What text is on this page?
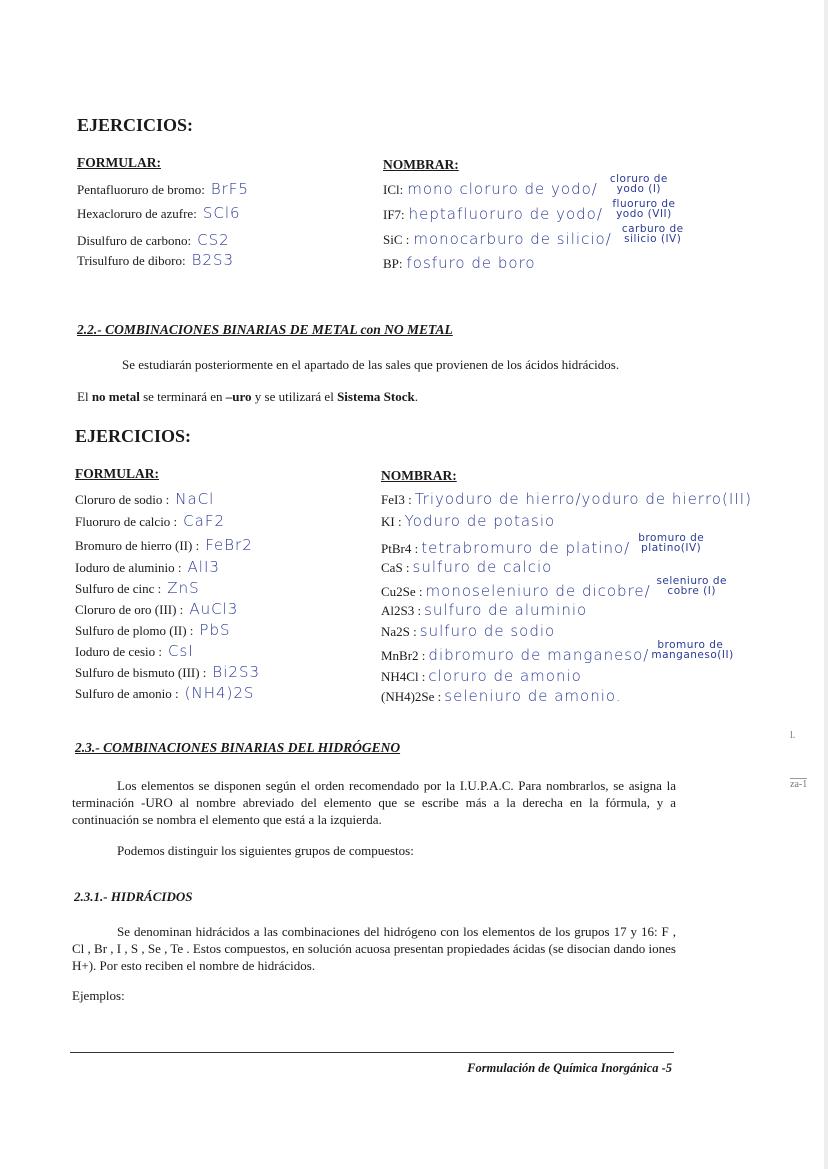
EJERCICIOS:
FORMULAR:	NOMBRAR:
Pentafluoruro de bromo: BrF5
Hexacloruro de azufre: SCl6
Disulfuro de carbono: CS2
Trisulfuro de diboro: B2S3
ICl: mono cloruro de yodo/cloruro de yodo (I)
IF7: heptafluoruro de yodo/fluoruro de yodo (VII)
SiC : monocarburo de silicio/carburo de silicio (IV)
BP: fosfuro de boro
2.2.- COMBINACIONES BINARIAS DE METAL con NO METAL
Se estudiarán posteriormente en el apartado de las sales que provienen de los ácidos hidrácidos.
El no metal se terminará en –uro y se utilizará el Sistema Stock.
EJERCICIOS:
FORMULAR:	NOMBRAR:
Cloruro de sodio : NaCl
Fluoruro de calcio : CaF2
Bromuro de hierro (II) : FeBr2
Ioduro de aluminio : AlI3
Sulfuro de cinc : ZnS
Cloruro de oro (III) : AuCl3
Sulfuro de plomo (II) : PbS
Ioduro de cesio : CsI
Sulfuro de bismuto (III) : Bi2S3
Sulfuro de amonio : (NH4)2S
FeI3 : Triyoduro de hierro/yoduro de hierro(III)
KI : Yoduro de potasio
PtBr4 : tetrabromuro de platino/bromuro de platino(IV)
CaS : sulfuro de calcio
Cu2Se : monoseleniuro de dicobre/seleniuro de cobre (I)
Al2S3 : sulfuro de aluminio
Na2S : sulfuro de sodio
MnBr2 : dibromuro de manganeso/bromuro de manganeso(II)
NH4Cl : cloruro de amonio
(NH4)2Se : seleniuro de amonio.
2.3.- COMBINACIONES BINARIAS DEL HIDRÓGENO
Los elementos se disponen según el orden recomendado por la I.U.P.A.C. Para nombrarlos, se asigna la terminación -URO al nombre abreviado del elemento que se escribe más a la derecha en la fórmula, y a continuación se nombra el elemento que está a la izquierda.
Podemos distinguir los siguientes grupos de compuestos:
2.3.1.- HIDRÁCIDOS
Se denominan hidrácidos a las combinaciones del hidrógeno con los elementos de los grupos 17 y 16: F , Cl , Br , I , S , Se , Te . Estos compuestos, en solución acuosa presentan propiedades ácidas (se disocian dando iones H+). Por esto reciben el nombre de hidrácidos.
Ejemplos:
l.
za-1
Formulación de Química Inorgánica -5
